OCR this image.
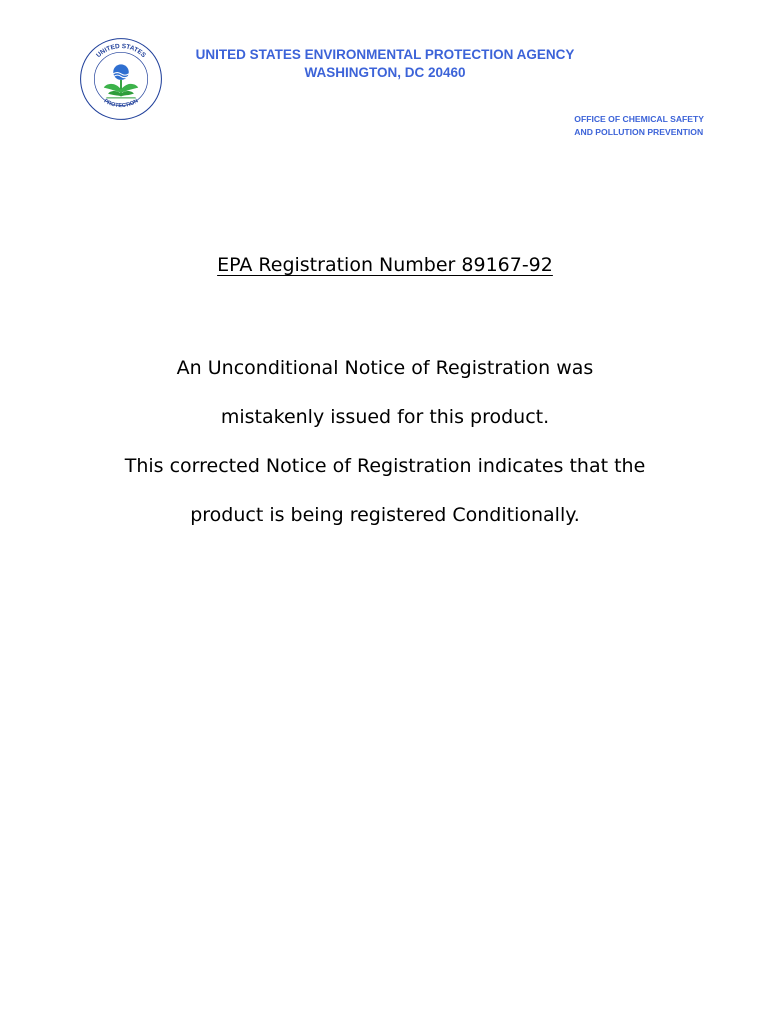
UNITED STATES
PROTECTION
UNITED STATES ENVIRONMENTAL PROTECTION AGENCY
WASHINGTON, DC 20460
OFFICE OF CHEMICAL SAFETY
AND POLLUTION PREVENTION
EPA Registration Number 89167-92
An Unconditional Notice of Registration was
mistakenly issued for this product.
This corrected Notice of Registration indicates that the
product is being registered Conditionally.
